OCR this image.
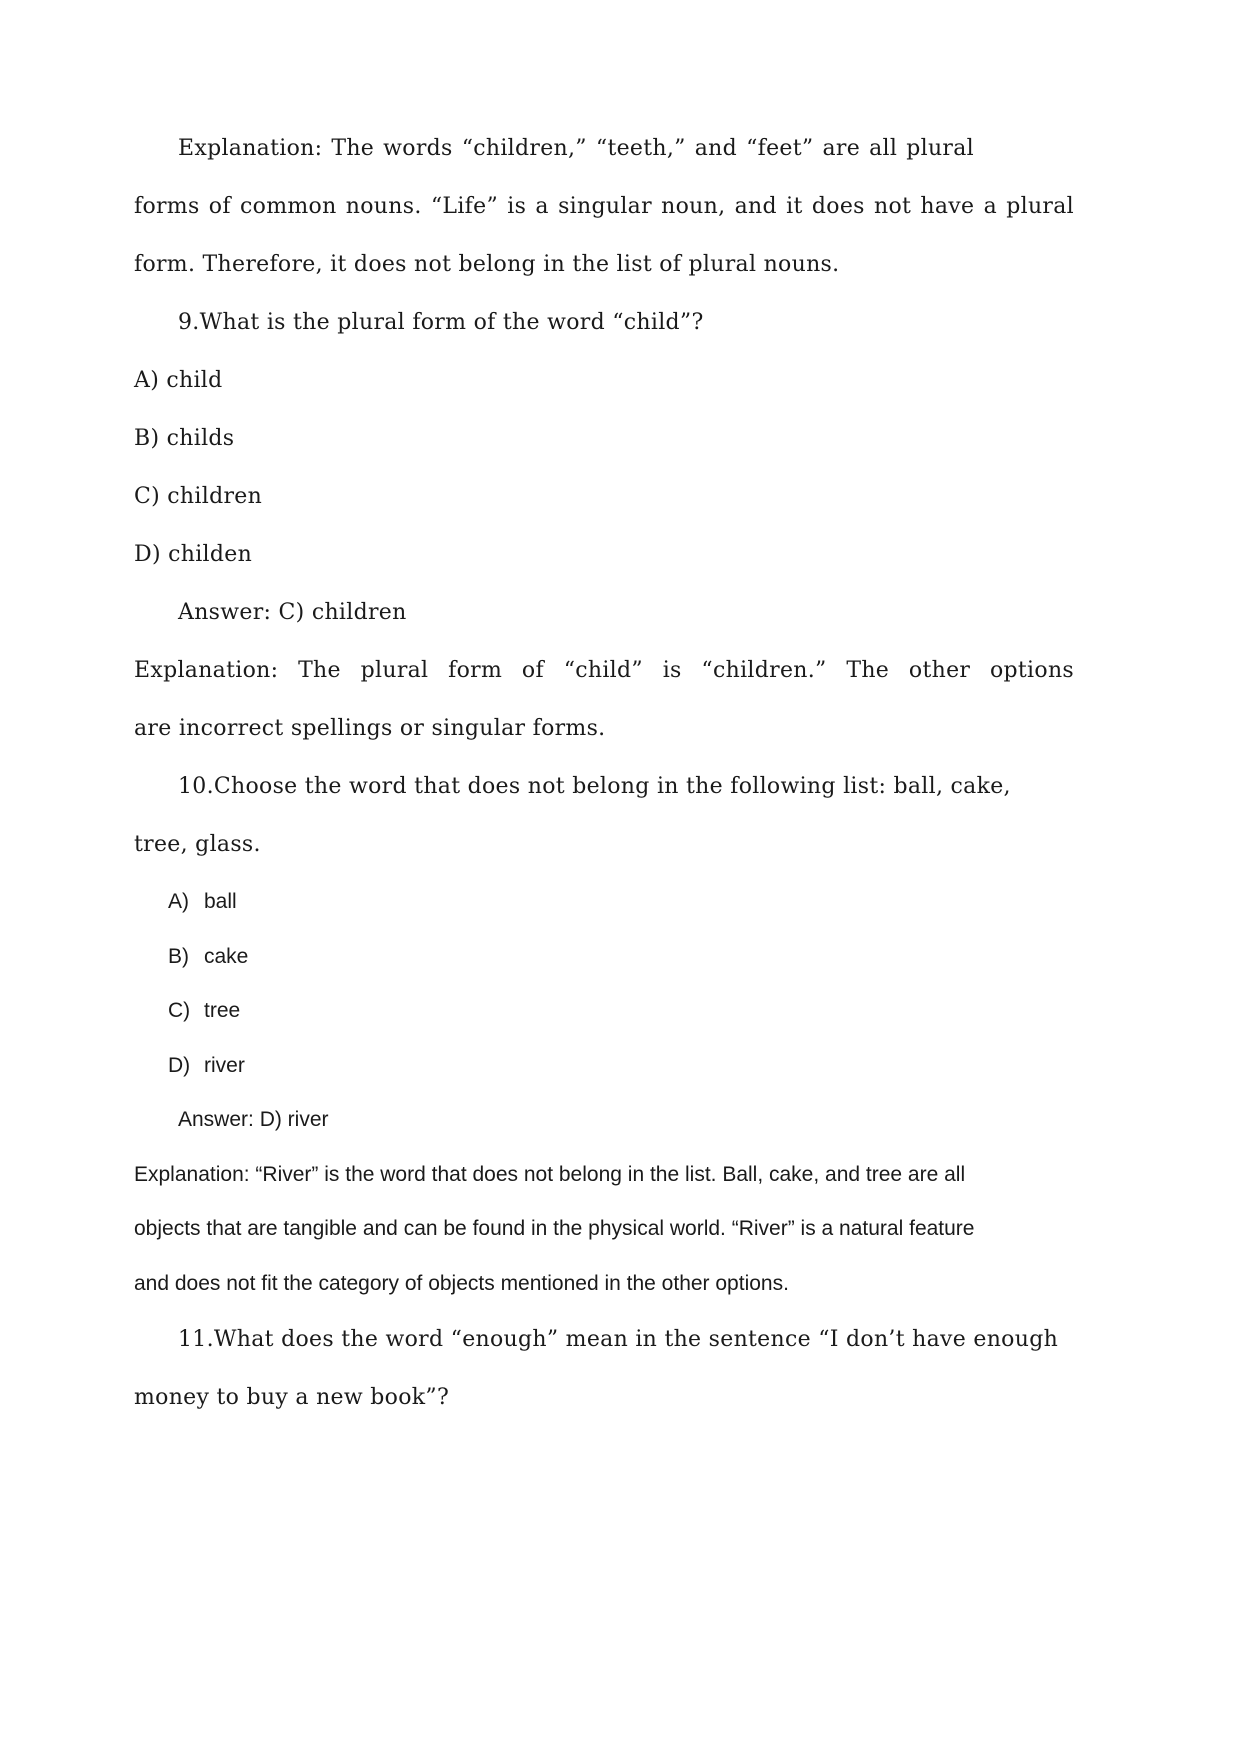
Explanation: The words “children,” “teeth,” and “feet” are all plural
forms of common nouns. “Life” is a singular noun, and it does not have a plural
form. Therefore, it does not belong in the list of plural nouns.
9.What is the plural form of the word “child”?
A) child
B) childs
C) children
D) childen
Answer: C) children
Explanation: The plural form of “child” is “children.” The other options
are incorrect spellings or singular forms.
10.Choose the word that does not belong in the following list: ball, cake,
tree, glass.
A) ball
B) cake
C) tree
D) river
Answer: D) river
Explanation: “River” is the word that does not belong in the list. Ball, cake, and tree are all
objects that are tangible and can be found in the physical world. “River” is a natural feature
and does not fit the category of objects mentioned in the other options.
11.What does the word “enough” mean in the sentence “I don’t have enough
money to buy a new book”?
